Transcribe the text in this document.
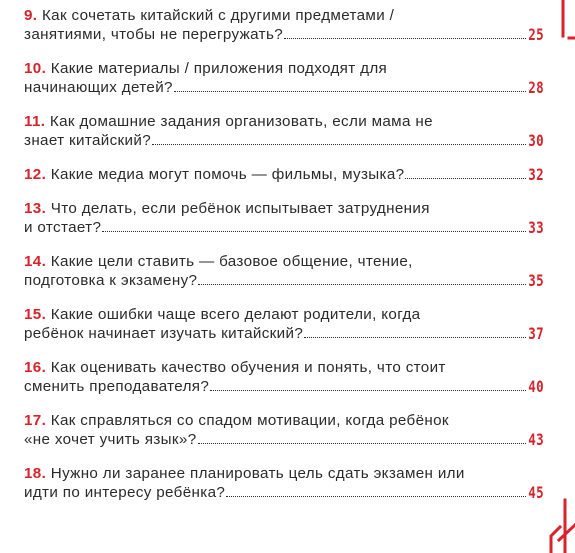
9. Как сочетать китайский с другими предметами /
занятиями, чтобы не перегружать?	25
10. Какие материалы / приложения подходят для
начинающих детей?	28
11. Как домашние задания организовать, если мама не
знает китайский?	30
12.
Какие медиа могут помочь — фильмы, музыка?	32
13. Что делать, если ребёнок испытывает затруднения
и отстает?	33
14. Какие цели ставить — базовое общение, чтение,
подготовка к экзамену?	35
15. Какие ошибки чаще всего делают родители, когда
ребёнок начинает изучать китайский?	37
16. Как оценивать качество обучения и понять, что стоит
сменить преподавателя?	40
17. Как справляться со спадом мотивации, когда ребёнок
«не хочет учить язык»?	43
18. Нужно ли заранее планировать цель сдать экзамен или
идти по интересу ребёнка?	45
